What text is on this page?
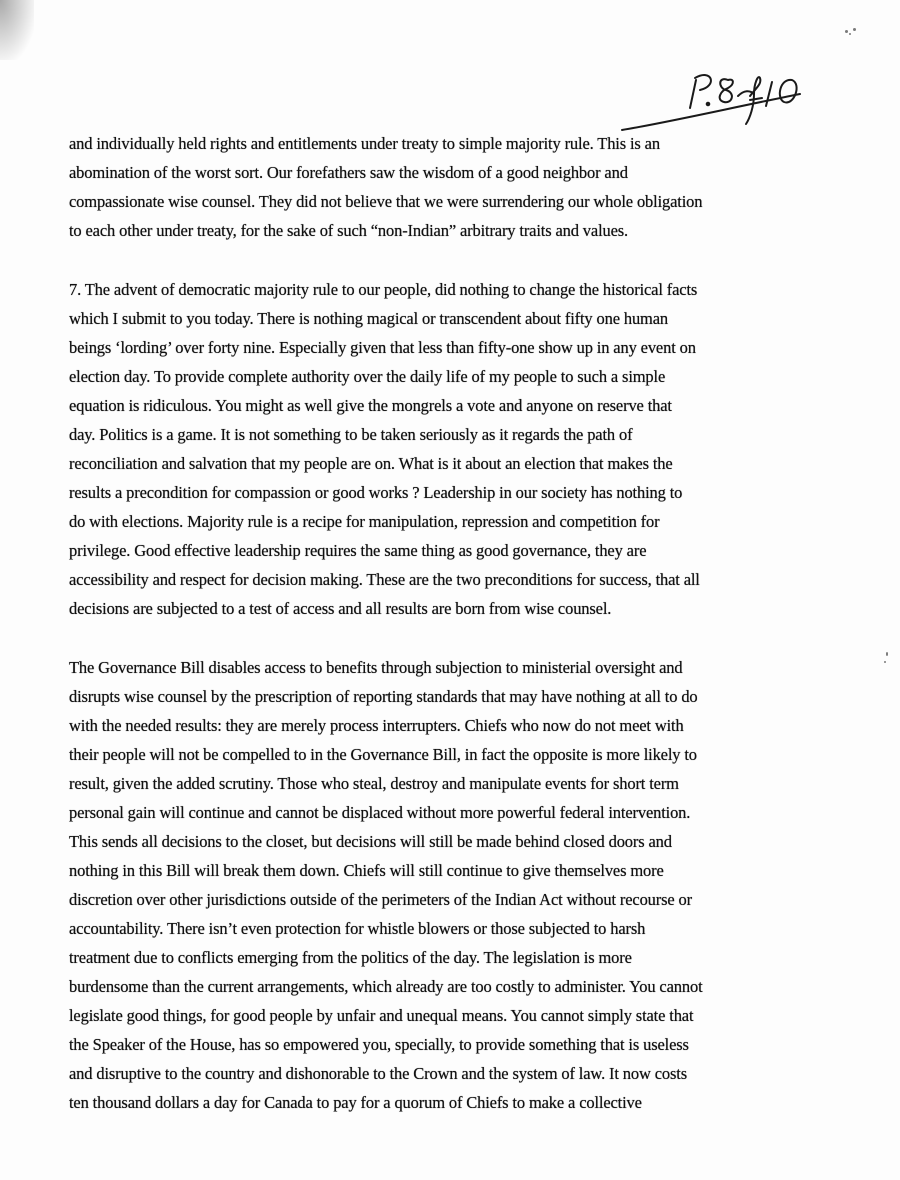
and individually held rights and entitlements under treaty to simple majority rule. This is an
abomination of the worst sort. Our forefathers saw the wisdom of a good neighbor and
compassionate wise counsel. They did not believe that we were surrendering our whole obligation
to each other under treaty, for the sake of such “non-Indian” arbitrary traits and values.
7. The advent of democratic majority rule to our people, did nothing to change the historical facts
which I submit to you today. There is nothing magical or transcendent about fifty one human
beings ‘lording’ over forty nine. Especially given that less than fifty-one show up in any event on
election day. To provide complete authority over the daily life of my people to such a simple
equation is ridiculous. You might as well give the mongrels a vote and anyone on reserve that
day. Politics is a game. It is not something to be taken seriously as it regards the path of
reconciliation and salvation that my people are on. What is it about an election that makes the
results a precondition for compassion or good works ? Leadership in our society has nothing to
do with elections. Majority rule is a recipe for manipulation, repression and competition for
privilege. Good effective leadership requires the same thing as good governance, they are
accessibility and respect for decision making. These are the two preconditions for success, that all
decisions are subjected to a test of access and all results are born from wise counsel.
The Governance Bill disables access to benefits through subjection to ministerial oversight and
disrupts wise counsel by the prescription of reporting standards that may have nothing at all to do
with the needed results: they are merely process interrupters. Chiefs who now do not meet with
their people will not be compelled to in the Governance Bill, in fact the opposite is more likely to
result, given the added scrutiny. Those who steal, destroy and manipulate events for short term
personal gain will continue and cannot be displaced without more powerful federal intervention.
This sends all decisions to the closet, but decisions will still be made behind closed doors and
nothing in this Bill will break them down. Chiefs will still continue to give themselves more
discretion over other jurisdictions outside of the perimeters of the Indian Act without recourse or
accountability. There isn’t even protection for whistle blowers or those subjected to harsh
treatment due to conflicts emerging from the politics of the day. The legislation is more
burdensome than the current arrangements, which already are too costly to administer. You cannot
legislate good things, for good people by unfair and unequal means. You cannot simply state that
the Speaker of the House, has so empowered you, specially, to provide something that is useless
and disruptive to the country and dishonorable to the Crown and the system of law. It now costs
ten thousand dollars a day for Canada to pay for a quorum of Chiefs to make a collective
